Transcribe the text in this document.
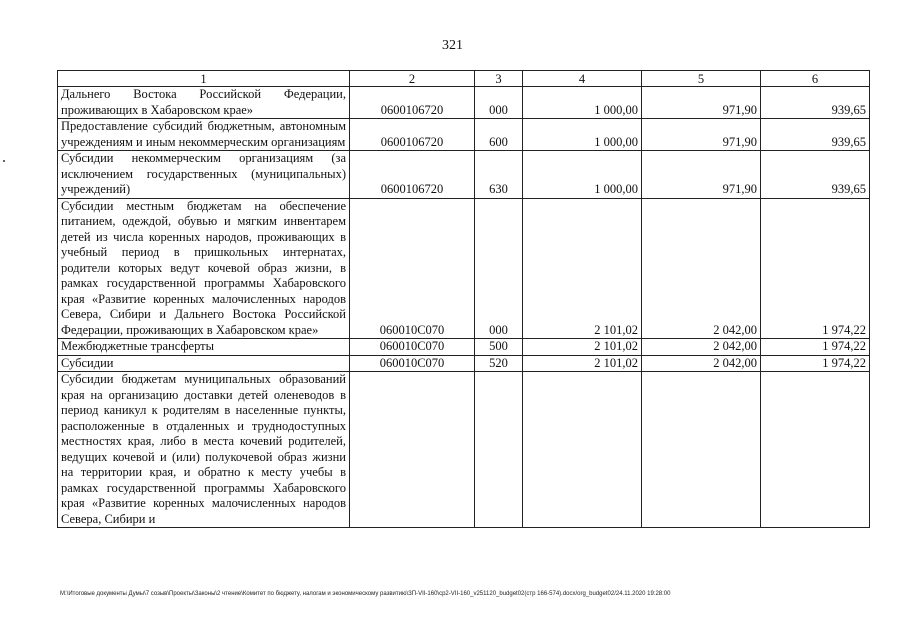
321
1	2	3	4	5	6
Дальнего Востока Российской Федерации, проживающих в Хабаровском крае»	0600106720	000	1 000,00	971,90	939,65
Предоставление субсидий бюджетным, автономным учреждениям и иным некоммерческим организациям	0600106720	600	1 000,00	971,90	939,65
Субсидии некоммерческим организациям (за исключением государственных (муниципальных) учреждений)	0600106720	630	1 000,00	971,90	939,65
Субсидии местным бюджетам на обеспечение питанием, одеждой, обувью и мягким инвентарем детей из числа коренных народов, проживающих в учебный период в пришкольных интернатах, родители которых ведут кочевой образ жизни, в рамках государственной программы Хабаровского края «Развитие коренных малочисленных народов Севера, Сибири и Дальнего Востока Российской Федерации, проживающих в Хабаровском крае»	060010С070	000	2 101,02	2 042,00	1 974,22
Межбюджетные трансферты	060010С070	500	2 101,02	2 042,00	1 974,22
Субсидии	060010С070	520	2 101,02	2 042,00	1 974,22
Субсидии бюджетам муниципальных образований края на организацию доставки детей оленеводов в период каникул к родителям в населенные пункты, расположенные в отдаленных и труднодоступных местностях края, либо в места кочевий родителей, ведущих кочевой и (или) полукочевой образ жизни на территории края, и обратно к месту учебы в рамках государственной программы Хабаровского края «Развитие коренных малочисленных народов Севера, Сибири и					
M:\Итоговые документы Думы\7 созыв\Проекты\Законы\2 чтение\Комитет по бюджету, налогам и экономическому развитию\ЗП-VII-160\ср2-VII-160_v251120_budget02(стр 166-574).docx/org_budget02/24.11.2020 19:28:00
